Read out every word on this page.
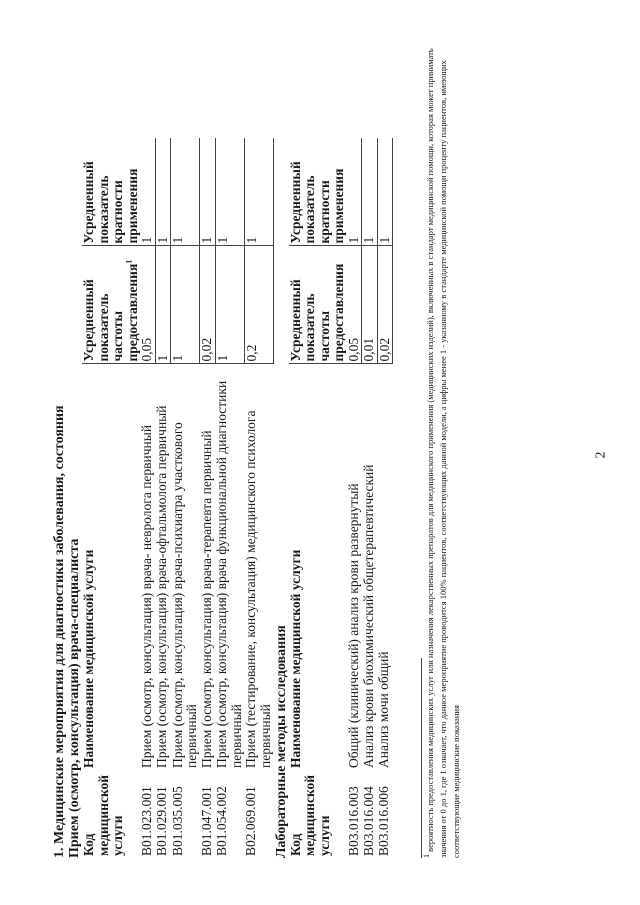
2
1. Медицинские мероприятия для диагностики заболевания, состояния Прием (осмотр, консультация) врача-специалиста Код медицинской услуги	Наименование медицинской услуги	Усредненный показатель частоты предоставления$^1$	Усредненный показатель кратности применения
B01.023.001	Прием (осмотр, консультация) врача- невролога первичный	0,05	1
B01.029.001	Прием (осмотр, консультация) врача-офтальмолога первичный	1	1
B01.035.005	Прием (осмотр, консультация) врача-психиатра участкового первичный	1	1
B01.047.001	Прием (осмотр, консультация) врача-терапевта первичный	0,02	1
B01.054.002	Прием (осмотр, консультация) врача функциональной диагностики первичный	1	1
B02.069.001	Прием (тестирование, консультация) медицинского психолога первичный	0,2	1
Лабораторные методы исследования Код медицинской услуги	Наименование медицинской услуги	Усредненный показатель частоты предоставления	Усредненный показатель кратности применения
B03.016.003	Общий (клинический) анализ крови развернутый	0,05	1
B03.016.004	Анализ крови биохимический общетерапевтический	0,01	1
B03.016.006	Анализ мочи общий	0,02	1
$^1$ вероятность предоставления медицинских услуг или назначения лекарственных препаратов для медицинского применения (медицинских изделий), включенных в стандарт медицинской помощи, которая может принимать значения от 0 до 1, где 1 означает, что данное мероприятие проводится 100% пациентов, соответствующих данной модели, а цифры менее 1 - указанному в стандарте медицинской помощи проценту пациентов, имеющих соответствующие медицинские показания
